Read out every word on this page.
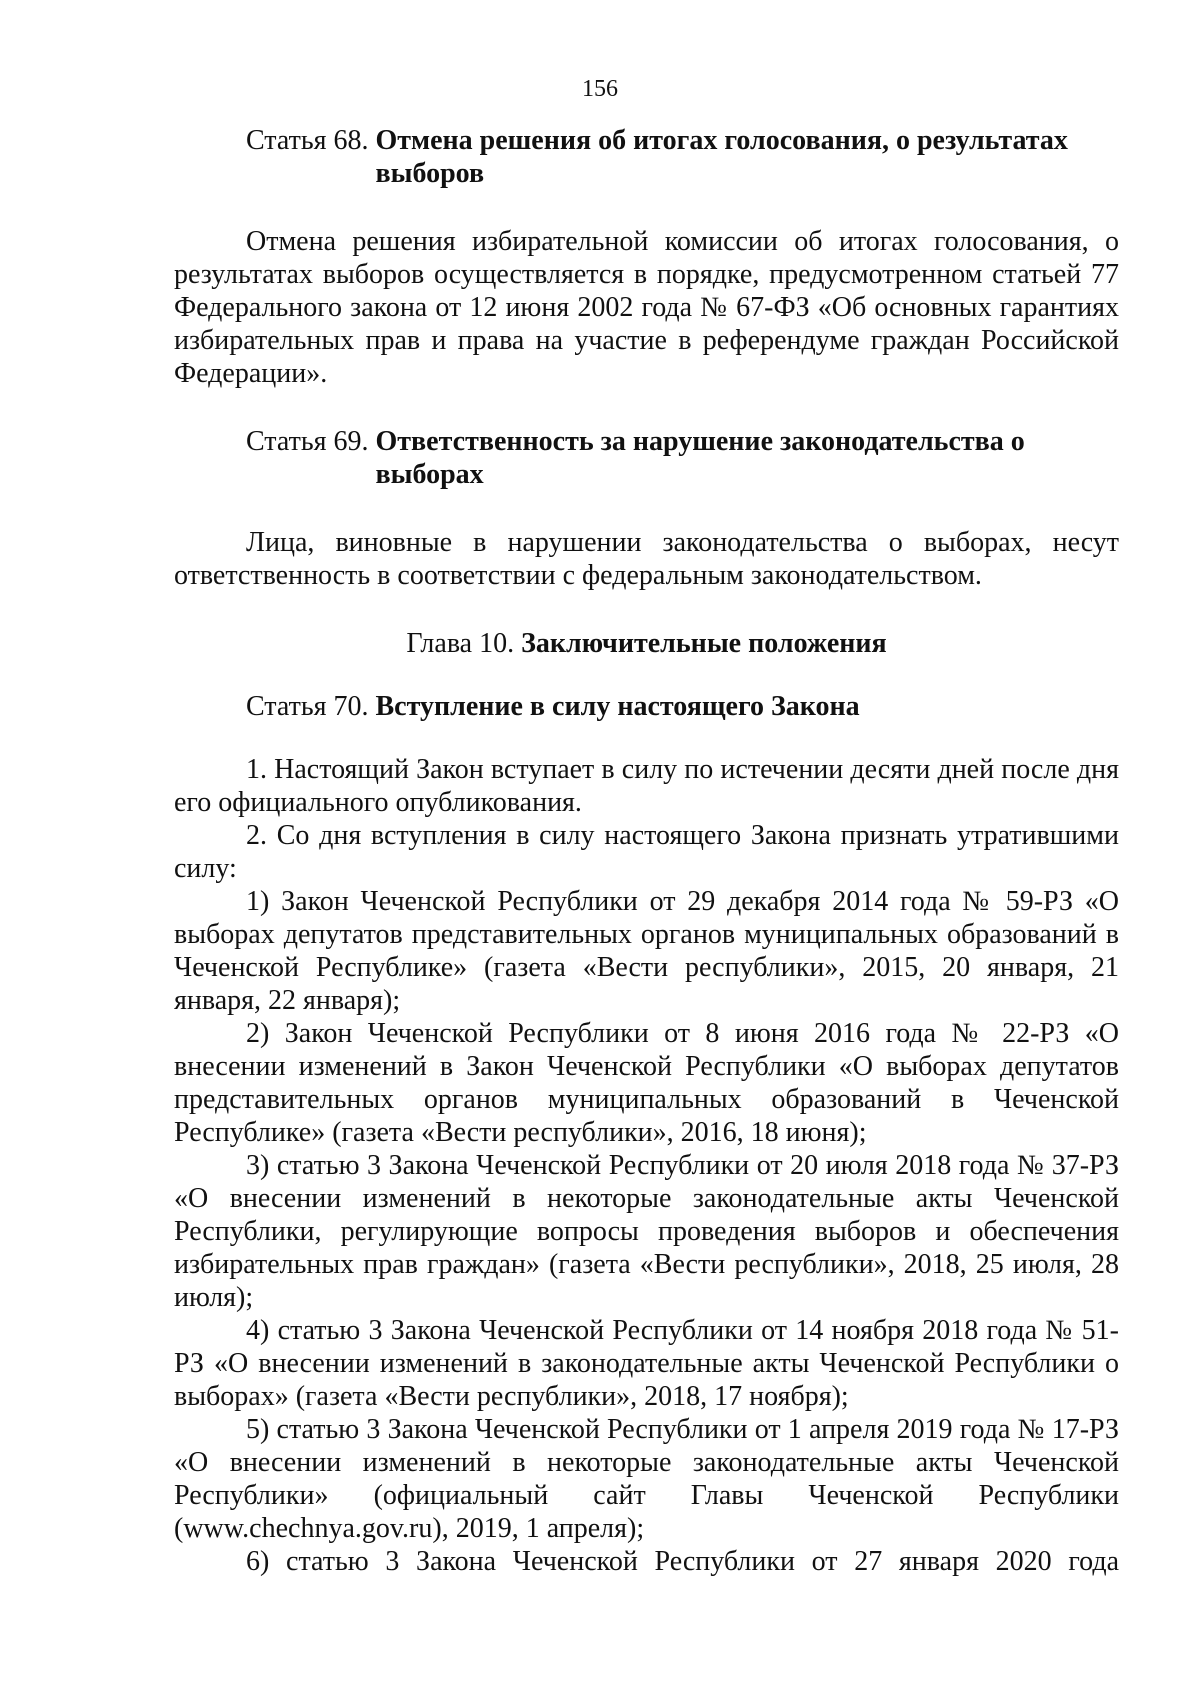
156
Статья 68. Отмена решения об итогах голосования, о результатах выборов

Отмена решения избирательной комиссии об итогах голосования, о результатах выборов осуществляется в порядке, предусмотренном статьей 77 Федерального закона от 12 июня 2002 года № 67-ФЗ «Об основных гарантиях избирательных прав и права на участие в референдуме граждан Российской Федерации».

Статья 69. Ответственность за нарушение законодательства о выборах

Лица, виновные в нарушении законодательства о выборах, несут ответственность в соответствии с федеральным законодательством.

Глава 10. Заключительные положения

Статья 70. Вступление в силу настоящего Закона

1. Настоящий Закон вступает в силу по истечении десяти дней после дня его официального опубликования.

2. Со дня вступления в силу настоящего Закона признать утратившими силу:

1) Закон Чеченской Республики от 29 декабря 2014 года № 59-РЗ «О выборах депутатов представительных органов муниципальных образований в Чеченской Республике» (газета «Вести республики», 2015, 20 января, 21 января, 22 января);

2) Закон Чеченской Республики от 8 июня 2016 года № 22-РЗ «О внесении изменений в Закон Чеченской Республики «О выборах депутатов представительных органов муниципальных образований в Чеченской Республике» (газета «Вести республики», 2016, 18 июня);

3) статью 3 Закона Чеченской Республики от 20 июля 2018 года № 37-РЗ «О внесении изменений в некоторые законодательные акты Чеченской Республики, регулирующие вопросы проведения выборов и обеспечения избирательных прав граждан» (газета «Вести республики», 2018, 25 июля, 28 июля);

4) статью 3 Закона Чеченской Республики от 14 ноября 2018 года № 51-РЗ «О внесении изменений в законодательные акты Чеченской Республики о выборах» (газета «Вести республики», 2018, 17 ноября);

5) статью 3 Закона Чеченской Республики от 1 апреля 2019 года № 17-РЗ «О внесении изменений в некоторые законодательные акты Чеченской Республики» (официальный сайт Главы Чеченской Республики (www.chechnya.gov.ru), 2019, 1 апреля);

6) статью 3 Закона Чеченской Республики от 27 января 2020 года
